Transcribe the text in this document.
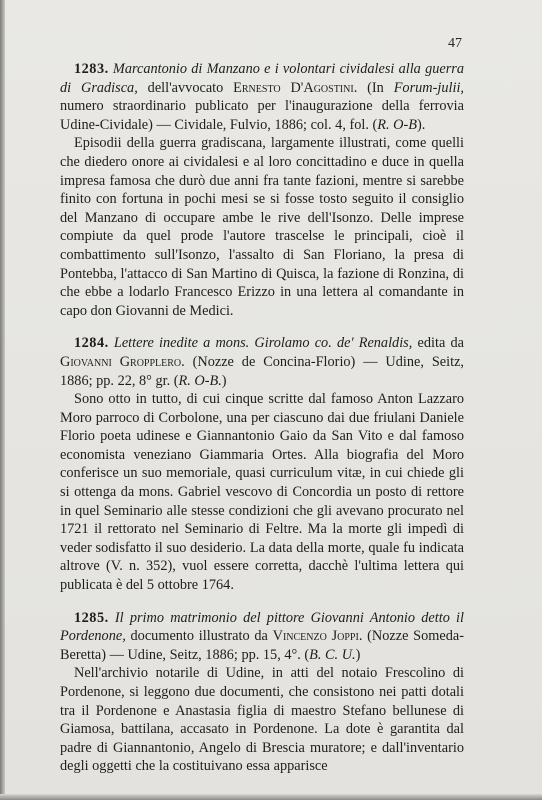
47

1283. Marcantonio di Manzano e i volontari cividalesi alla guerra di Gradisca, dell'avvocato Ernesto D'Agostini. (In Forum-julii, numero straordinario publicato per l'inaugurazione della ferrovia Udine-Cividale) — Cividale, Fulvio, 1886; col. 4, fol. (R. O-B).

Episodii della guerra gradiscana, largamente illustrati, come quelli che diedero onore ai cividalesi e al loro concittadino e duce in quella impresa famosa che durò due anni fra tante fazioni, mentre si sarebbe finito con fortuna in pochi mesi se si fosse tosto seguito il consiglio del Manzano di occupare ambe le rive dell'Isonzo. Delle imprese compiute da quel prode l'autore trascelse le principali, cioè il combattimento sull'Isonzo, l'assalto di San Floriano, la presa di Pontebba, l'attacco di San Martino di Quisca, la fazione di Ronzina, di che ebbe a lodarlo Francesco Erizzo in una lettera al comandante in capo don Giovanni de Medici.

1284. Lettere inedite a mons. Girolamo co. de' Renaldis, edita da Giovanni Gropplero. (Nozze de Concina-Florio) — Udine, Seitz, 1886; pp. 22, 8° gr. (R. O-B.)

Sono otto in tutto, di cui cinque scritte dal famoso Anton Lazzaro Moro parroco di Corbolone, una per ciascuno dai due friulani Daniele Florio poeta udinese e Giannantonio Gaio da San Vito e dal famoso economista veneziano Giammaria Ortes. Alla biografia del Moro conferisce un suo memoriale, quasi curriculum vitæ, in cui chiede gli si ottenga da mons. Gabriel vescovo di Concordia un posto di rettore in quel Seminario alle stesse condizioni che gli avevano procurato nel 1721 il rettorato nel Seminario di Feltre. Ma la morte gli impedì di veder sodisfatto il suo desiderio. La data della morte, quale fu indicata altrove (V. n. 352), vuol essere corretta, dacchè l'ultima lettera qui publicata è del 5 ottobre 1764.

1285. Il primo matrimonio del pittore Giovanni Antonio detto il Pordenone, documento illustrato da Vincenzo Joppi. (Nozze Someda-Beretta) — Udine, Seitz, 1886; pp. 15, 4°. (B. C. U.)

Nell'archivio notarile di Udine, in atti del notaio Frescolino di Pordenone, si leggono due documenti, che consistono nei patti dotali tra il Pordenone e Anastasia figlia di maestro Stefano bellunese di Giamosa, battilana, accasato in Pordenone. La dote è garantita dal padre di Giannantonio, Angelo di Brescia muratore; e dall'inventario degli oggetti che la costituivano essa apparisce
